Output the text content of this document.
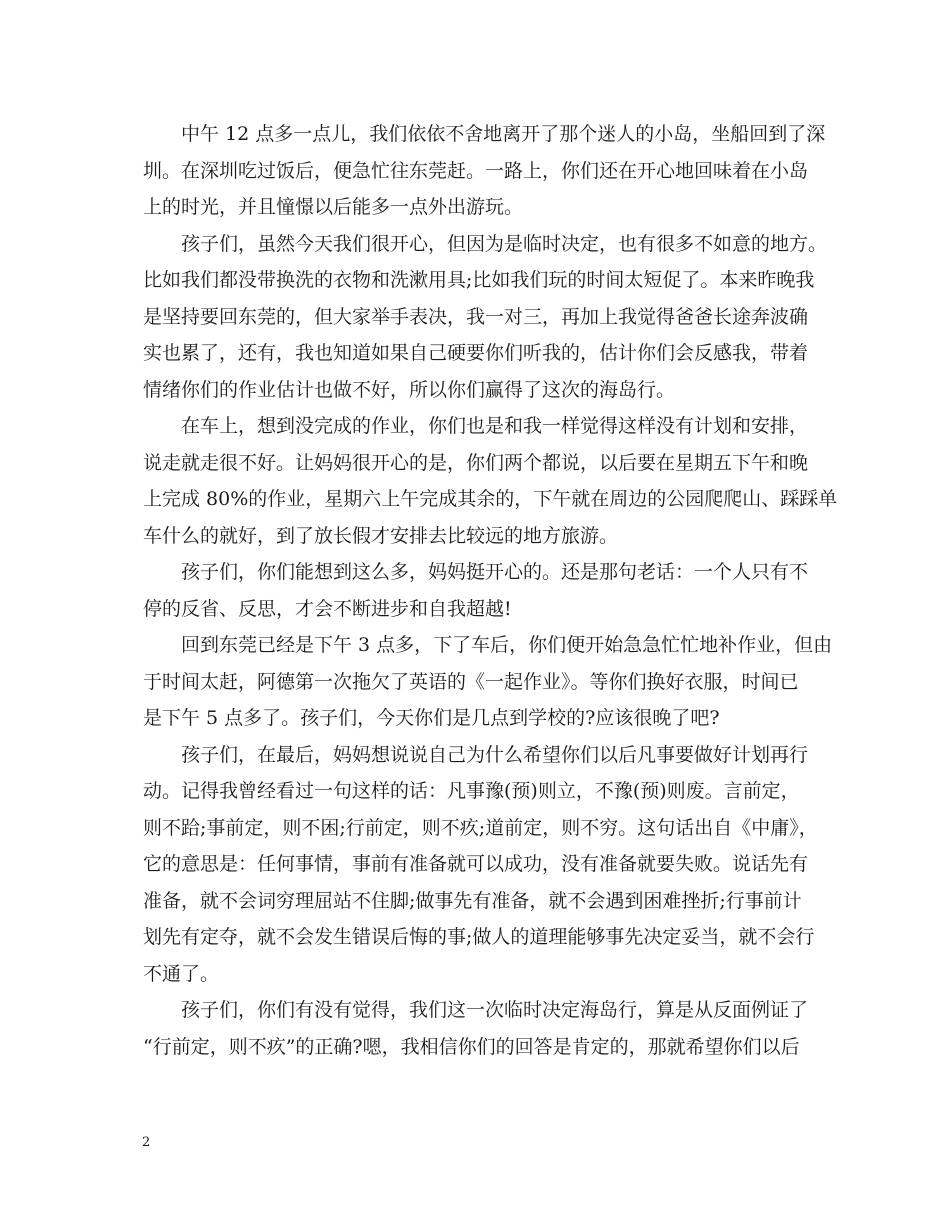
中午 12 点多一点儿，我们依依不舍地离开了那个迷人的小岛，坐船回到了深
圳。在深圳吃过饭后，便急忙往东莞赶。一路上，你们还在开心地回味着在小岛
上的时光，并且憧憬以后能多一点外出游玩。
孩子们，虽然今天我们很开心，但因为是临时决定，也有很多不如意的地方。
比如我们都没带换洗的衣物和洗漱用具;比如我们玩的时间太短促了。本来昨晚我
是坚持要回东莞的，但大家举手表决，我一对三，再加上我觉得爸爸长途奔波确
实也累了，还有，我也知道如果自己硬要你们听我的，估计你们会反感我，带着
情绪你们的作业估计也做不好，所以你们赢得了这次的海岛行。
在车上，想到没完成的作业，你们也是和我一样觉得这样没有计划和安排，
说走就走很不好。让妈妈很开心的是，你们两个都说，以后要在星期五下午和晚
上完成 80%的作业，星期六上午完成其余的，下午就在周边的公园爬爬山、踩踩单
车什么的就好，到了放长假才安排去比较远的地方旅游。
孩子们，你们能想到这么多，妈妈挺开心的。还是那句老话：一个人只有不
停的反省、反思，才会不断进步和自我超越!
回到东莞已经是下午 3 点多，下了车后，你们便开始急急忙忙地补作业，但由
于时间太赶，阿德第一次拖欠了英语的《一起作业》。等你们换好衣服，时间已
是下午 5 点多了。孩子们，今天你们是几点到学校的?应该很晚了吧?
孩子们，在最后，妈妈想说说自己为什么希望你们以后凡事要做好计划再行
动。记得我曾经看过一句这样的话：凡事豫(预)则立，不豫(预)则废。言前定，
则不跲;事前定，则不困;行前定，则不疚;道前定，则不穷。这句话出自《中庸》，
它的意思是：任何事情，事前有准备就可以成功，没有准备就要失败。说话先有
准备，就不会词穷理屈站不住脚;做事先有准备，就不会遇到困难挫折;行事前计
划先有定夺，就不会发生错误后悔的事;做人的道理能够事先决定妥当，就不会行
不通了。
孩子们，你们有没有觉得，我们这一次临时决定海岛行，算是从反面例证了
“行前定，则不疚”的正确?嗯，我相信你们的回答是肯定的，那就希望你们以后
2
